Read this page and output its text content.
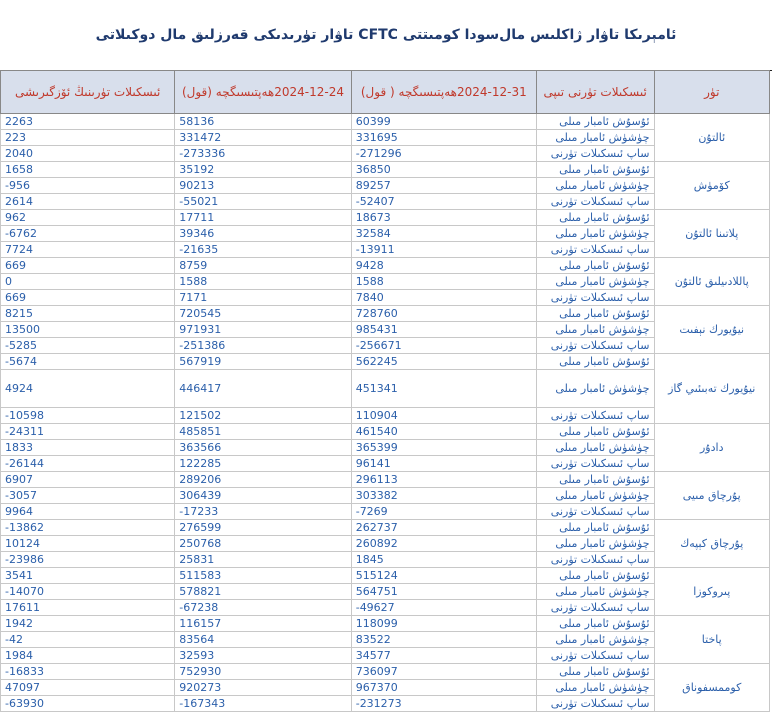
ئامېرىكا تاۋار ژاكلىس مال‌سودا كومىتتى CFTC تاۋار تۈرىدىكى قەرزلىق مال دوكىلاتى
ئىسكىلات تۈرىنىڭ ئۆزگىرىشى	2024-12-24ھەپتىسىگچە (قول)	2024-12-31ھەپتىسىگچە ( قول)	ئىسكىلات تۈرنى تىپى	تۈر
2263	58136	60399	ئۇسۇش ئامبار مىلى	ئالتۇن
223	331472	331695	چۈشۈش ئامبار مىلى	
2040	-273336	-271296	ساپ ئىسكىلات تۈرنى	
1658	35192	36850	ئۇسۇش ئامبار مىلى	كۆمۈش
-956	90213	89257	چۈشۈش ئامبار مىلى	
2614	-55021	-52407	ساپ ئىسكىلات تۈرنى	
962	17711	18673	ئۇسۇش ئامبار مىلى	پلاتىنا ئالتۇن
-6762	39346	32584	چۈشۈش ئامبار مىلى	
7724	-21635	-13911	ساپ ئىسكىلات تۈرنى	
669	8759	9428	ئۇسۇش ئامبار مىلى	پاللادىيلىق ئالتۇن
0	1588	1588	چۈشۈش ئامبار مىلى	
669	7171	7840	ساپ ئىسكىلات تۈرنى	
8215	720545	728760	ئۇسۇش ئامبار مىلى	نيۇيورك نېفىت
13500	971931	985431	چۈشۈش ئامبار مىلى	
-5285	-251386	-256671	ساپ ئىسكىلات تۈرنى	
-5674	567919	562245	ئۇسۇش ئامبار مىلى	نيۇيورك تەبىئىي گاز
4924	446417	451341	چۈشۈش ئامبار مىلى	
-10598	121502	110904	ساپ ئىسكىلات تۈرنى	
-24311	485851	461540	ئۇسۇش ئامبار مىلى	دادۇر
1833	363566	365399	چۈشۈش ئامبار مىلى	
-26144	122285	96141	ساپ ئىسكىلات تۈرنى	
6907	289206	296113	ئۇسۇش ئامبار مىلى	پۇرچاق مىيى
-3057	306439	303382	چۈشۈش ئامبار مىلى	
9964	-17233	-7269	ساپ ئىسكىلات تۈرنى	
-13862	276599	262737	ئۇسۇش ئامبار مىلى	پۇرچاق كېپەك
10124	250768	260892	چۈشۈش ئامبار مىلى	
-23986	25831	1845	ساپ ئىسكىلات تۈرنى	
3541	511583	515124	ئۇسۇش ئامبار مىلى	پىروكوزا
-14070	578821	564751	چۈشۈش ئامبار مىلى	
17611	-67238	-49627	ساپ ئىسكىلات تۈرنى	
1942	116157	118099	ئۇسۇش ئامبار مىلى	پاختا
-42	83564	83522	چۈشۈش ئامبار مىلى	
1984	32593	34577	ساپ ئىسكىلات تۈرنى	
-16833	752930	736097	ئۇسۇش ئامبار مىلى	كوممسفوناق
47097	920273	967370	چۈشۈش ئامبار مىلى	
-63930	-167343	-231273	ساپ ئىسكىلات تۈرنى	
